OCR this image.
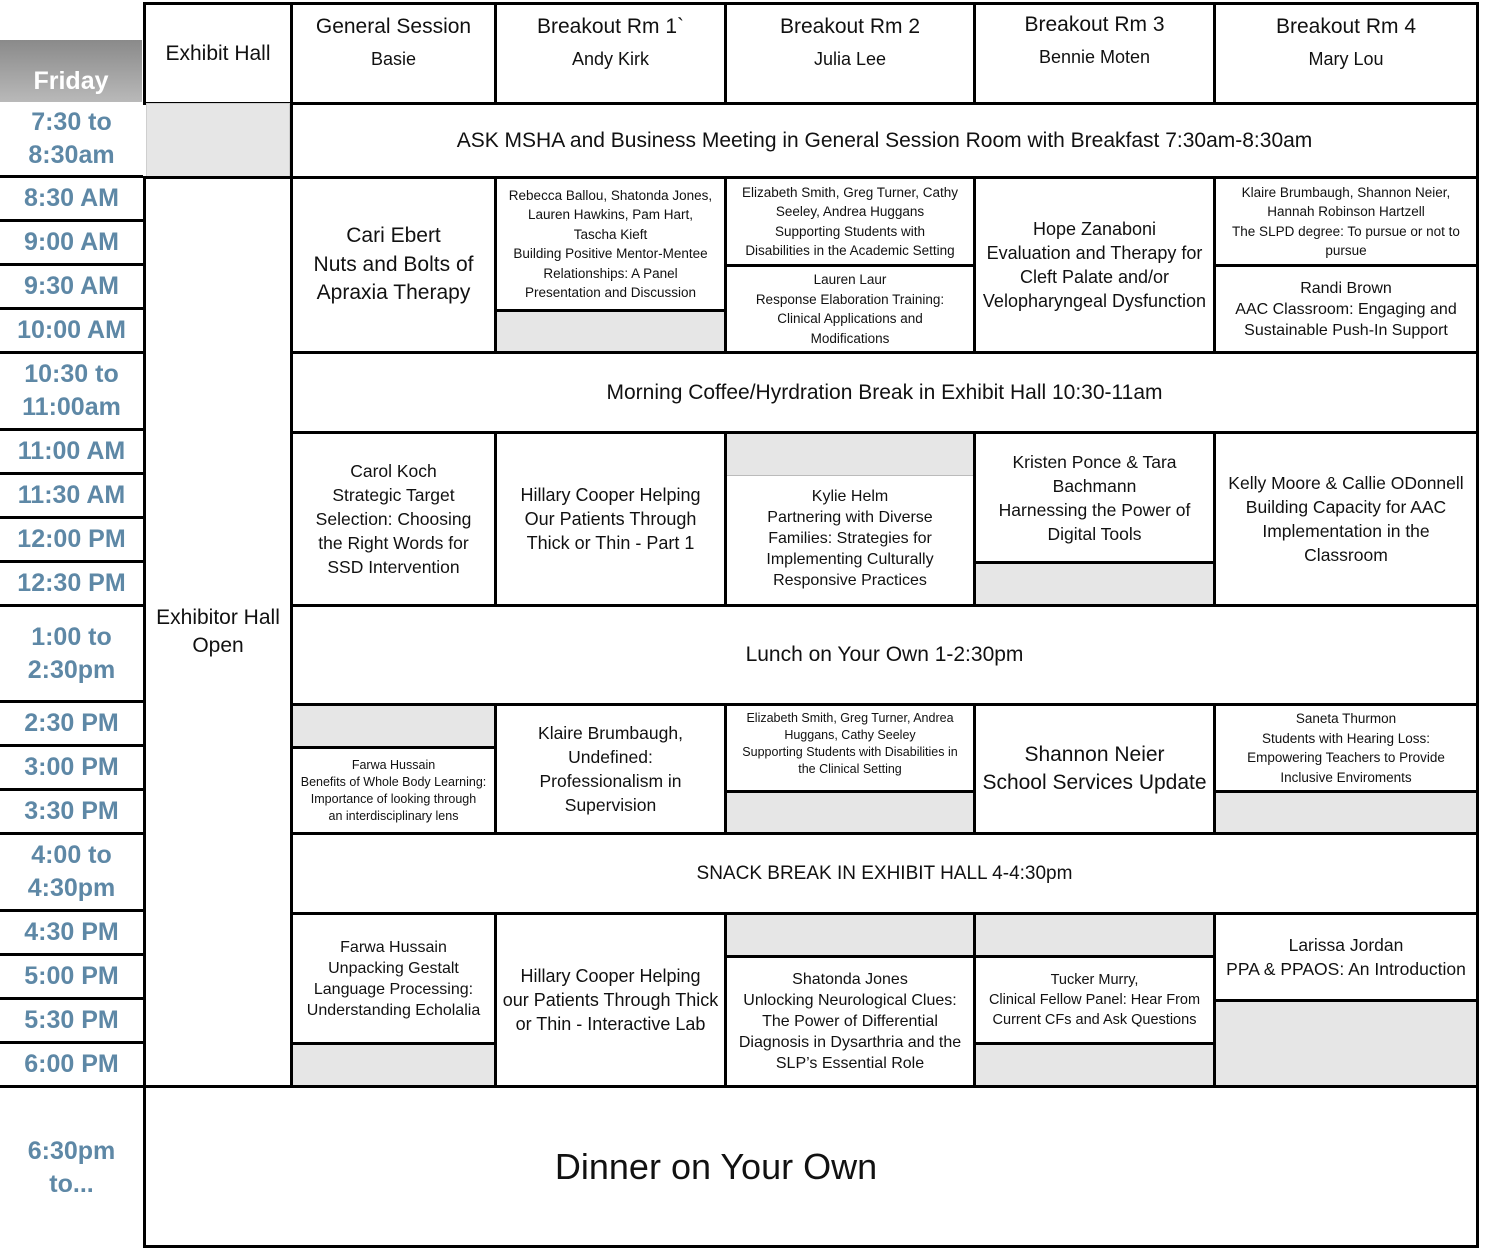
Friday
Exhibit Hall
General Session
Basie
Breakout Rm 1`
Andy Kirk
Breakout Rm 2
Julia Lee
Breakout Rm 3
Bennie Moten
Breakout Rm 4
Mary Lou
7:30 to
8:30am
8:30 AM
9:00 AM
9:30 AM
10:00 AM
10:30 to
11:00am
11:00 AM
11:30 AM
12:00 PM
12:30 PM
1:00 to
2:30pm
2:30 PM
3:00 PM
3:30 PM
4:00 to
4:30pm
4:30 PM
5:00 PM
5:30 PM
6:00 PM
6:30pm
to...
Exhibitor Hall
Open
ASK MSHA and Business Meeting in General Session Room with Breakfast 7:30am-8:30am
Morning Coffee/Hyrdration Break in Exhibit Hall 10:30-11am
Lunch on Your Own 1-2:30pm
SNACK BREAK IN EXHIBIT HALL 4-4:30pm
Dinner on Your Own
Cari Ebert
Nuts and Bolts of
Apraxia Therapy
Rebecca Ballou, Shatonda Jones,
Lauren Hawkins, Pam Hart,
Tascha Kieft
Building Positive Mentor-Mentee
Relationships: A Panel
Presentation and Discussion
Elizabeth Smith, Greg Turner, Cathy
Seeley, Andrea Huggans
Supporting Students with
Disabilities in the Academic Setting
Lauren Laur
Response Elaboration Training:
Clinical Applications and
Modifications
Hope Zanaboni
Evaluation and Therapy for
Cleft Palate and/or
Velopharyngeal Dysfunction
Klaire Brumbaugh, Shannon Neier,
Hannah Robinson Hartzell
The SLPD degree: To pursue or not to
pursue
Randi Brown
AAC Classroom: Engaging and
Sustainable Push-In Support
Carol Koch
Strategic Target
Selection: Choosing
the Right Words for
SSD Intervention
Hillary Cooper Helping
Our Patients Through
Thick or Thin - Part 1
Kylie Helm
Partnering with Diverse
Families: Strategies for
Implementing Culturally
Responsive Practices
Kristen Ponce & Tara
Bachmann
Harnessing the Power of
Digital Tools
Kelly Moore & Callie ODonnell
Building Capacity for AAC
Implementation in the
Classroom
Farwa Hussain
Benefits of Whole Body Learning:
Importance of looking through
an interdisciplinary lens
Klaire Brumbaugh,
Undefined:
Professionalism in
Supervision
Elizabeth Smith, Greg Turner, Andrea
Huggans, Cathy Seeley
Supporting Students with Disabilities in
the Clinical Setting
Shannon Neier
School Services Update
Saneta Thurmon
Students with Hearing Loss:
Empowering Teachers to Provide
Inclusive Enviroments
Farwa Hussain
Unpacking Gestalt
Language Processing:
Understanding Echolalia
Hillary Cooper Helping
our Patients Through Thick
or Thin - Interactive Lab
Shatonda Jones
Unlocking Neurological Clues:
The Power of Differential
Diagnosis in Dysarthria and the
SLP’s Essential Role
Tucker Murry,
Clinical Fellow Panel: Hear From
Current CFs and Ask Questions
Larissa Jordan
PPA & PPAOS: An Introduction
